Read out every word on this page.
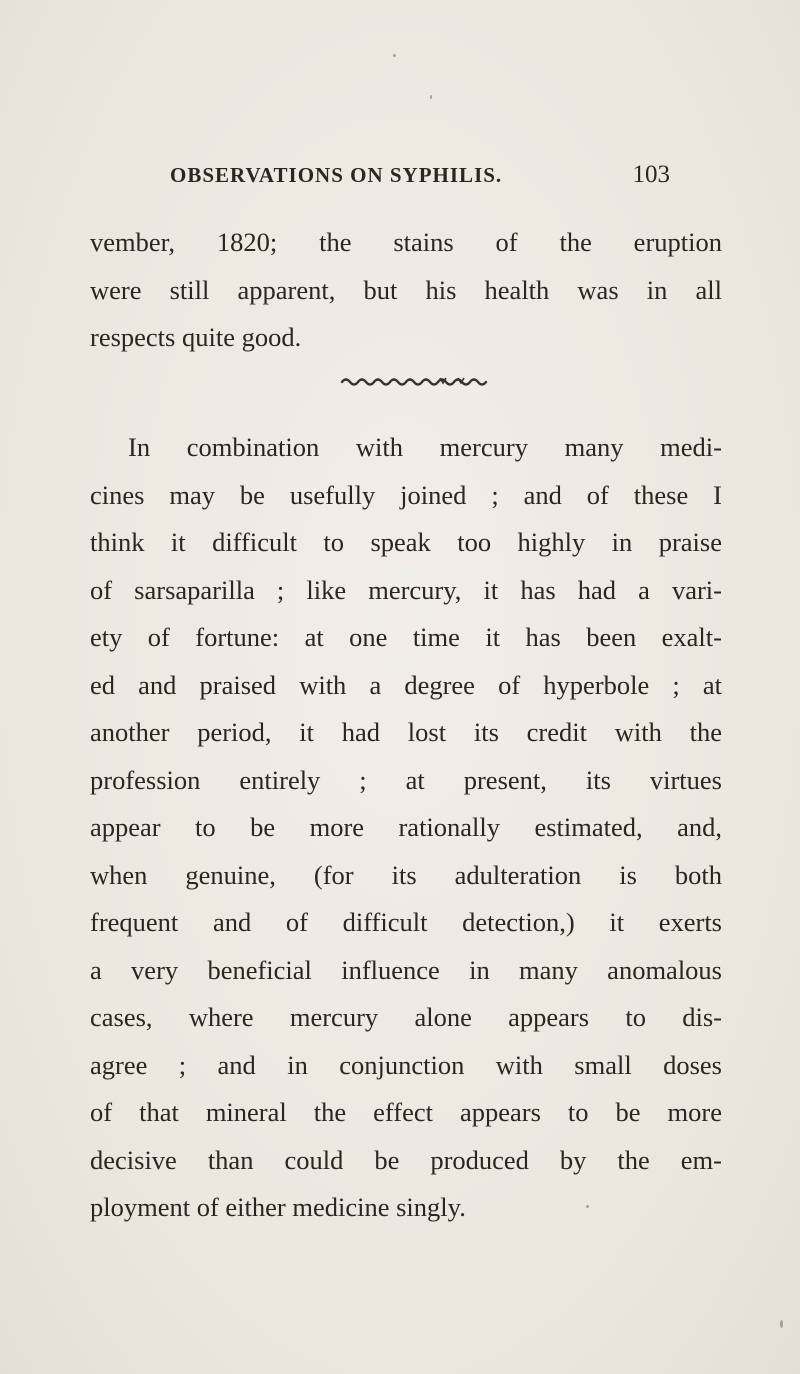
OBSERVATIONS ON SYPHILIS.	103
vember, 1820; the stains of the eruption
were still apparent, but his health was in all
respects quite good.
In combination with mercury many medi-
cines may be usefully joined ; and of these I
think it difficult to speak too highly in praise
of sarsaparilla ; like mercury, it has had a vari-
ety of fortune: at one time it has been exalt-
ed and praised with a degree of hyperbole ; at
another period, it had lost its credit with the
profession entirely ; at present, its virtues
appear to be more rationally estimated, and,
when genuine, (for its adulteration is both
frequent and of difficult detection,) it exerts
a very beneficial influence in many anomalous
cases, where mercury alone appears to dis-
agree ; and in conjunction with small doses
of that mineral the effect appears to be more
decisive than could be produced by the em-
ployment of either medicine singly.
